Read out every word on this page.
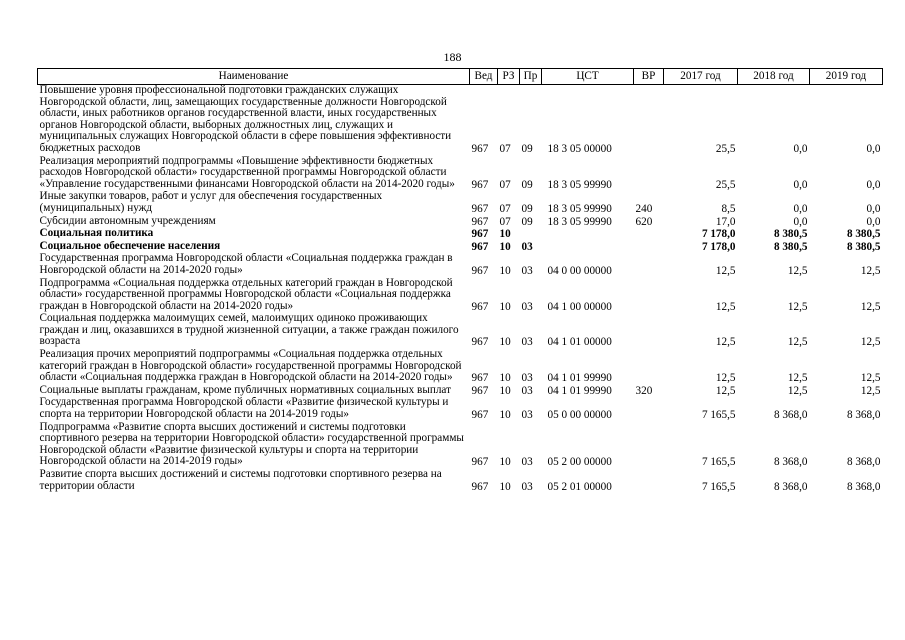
188
Наименование	Вед	РЗ	Пр	ЦСТ	ВР	2017 год	2018 год	2019 год
Повышение уровня профессиональной подготовки гражданских служащих Новгородской области, лиц, замещающих государственные должности Новгородской области, иных работников органов государственной власти, иных государственных органов Новгородской области, выборных должностных лиц, служащих и муниципальных служащих Новгородской области в сфере повышения эффективности бюджетных расходов	967	07	09	18 3 05 00000		25,5	0,0	0,0
Реализация мероприятий подпрограммы «Повышение эффективности бюджетных расходов Новгородской области» государственной программы Новгородской области «Управление государственными финансами Новгородской области на 2014-2020 годы»	967	07	09	18 3 05 99990		25,5	0,0	0,0
Иные закупки товаров, работ и услуг для обеспечения государственных (муниципальных) нужд	967	07	09	18 3 05 99990	240	8,5	0,0	0,0
Субсидии автономным учреждениям	967	07	09	18 3 05 99990	620	17,0	0,0	0,0
Социальная политика	967	10				7 178,0	8 380,5	8 380,5
Социальное обеспечение населения	967	10	03			7 178,0	8 380,5	8 380,5
Государственная программа Новгородской области «Социальная поддержка граждан в Новгородской области на 2014-2020 годы»	967	10	03	04 0 00 00000		12,5	12,5	12,5
Подпрограмма «Социальная поддержка отдельных категорий граждан в Новгородской области» государственной программы Новгородской области «Социальная поддержка граждан в Новгородской области на 2014-2020 годы»	967	10	03	04 1 00 00000		12,5	12,5	12,5
Социальная поддержка малоимущих семей, малоимущих одиноко проживающих граждан и лиц, оказавшихся в трудной жизненной ситуации, а также граждан пожилого возраста	967	10	03	04 1 01 00000		12,5	12,5	12,5
Реализация прочих мероприятий подпрограммы «Социальная поддержка отдельных категорий граждан в Новгородской области» государственной программы Новгородской области «Социальная поддержка граждан в Новгородской области на 2014-2020 годы»	967	10	03	04 1 01 99990		12,5	12,5	12,5
Социальные выплаты гражданам, кроме публичных нормативных социальных выплат	967	10	03	04 1 01 99990	320	12,5	12,5	12,5
Государственная программа Новгородской области «Развитие физической культуры и спорта на территории Новгородской области на 2014-2019 годы»	967	10	03	05 0 00 00000		7 165,5	8 368,0	8 368,0
Подпрограмма «Развитие спорта высших достижений и системы подготовки спортивного резерва на территории Новгородской области» государственной программы Новгородской области «Развитие физической культуры и спорта на территории Новгородской области на 2014-2019 годы»	967	10	03	05 2 00 00000		7 165,5	8 368,0	8 368,0
Развитие спорта высших достижений и системы подготовки спортивного резерва на территории области	967	10	03	05 2 01 00000		7 165,5	8 368,0	8 368,0
